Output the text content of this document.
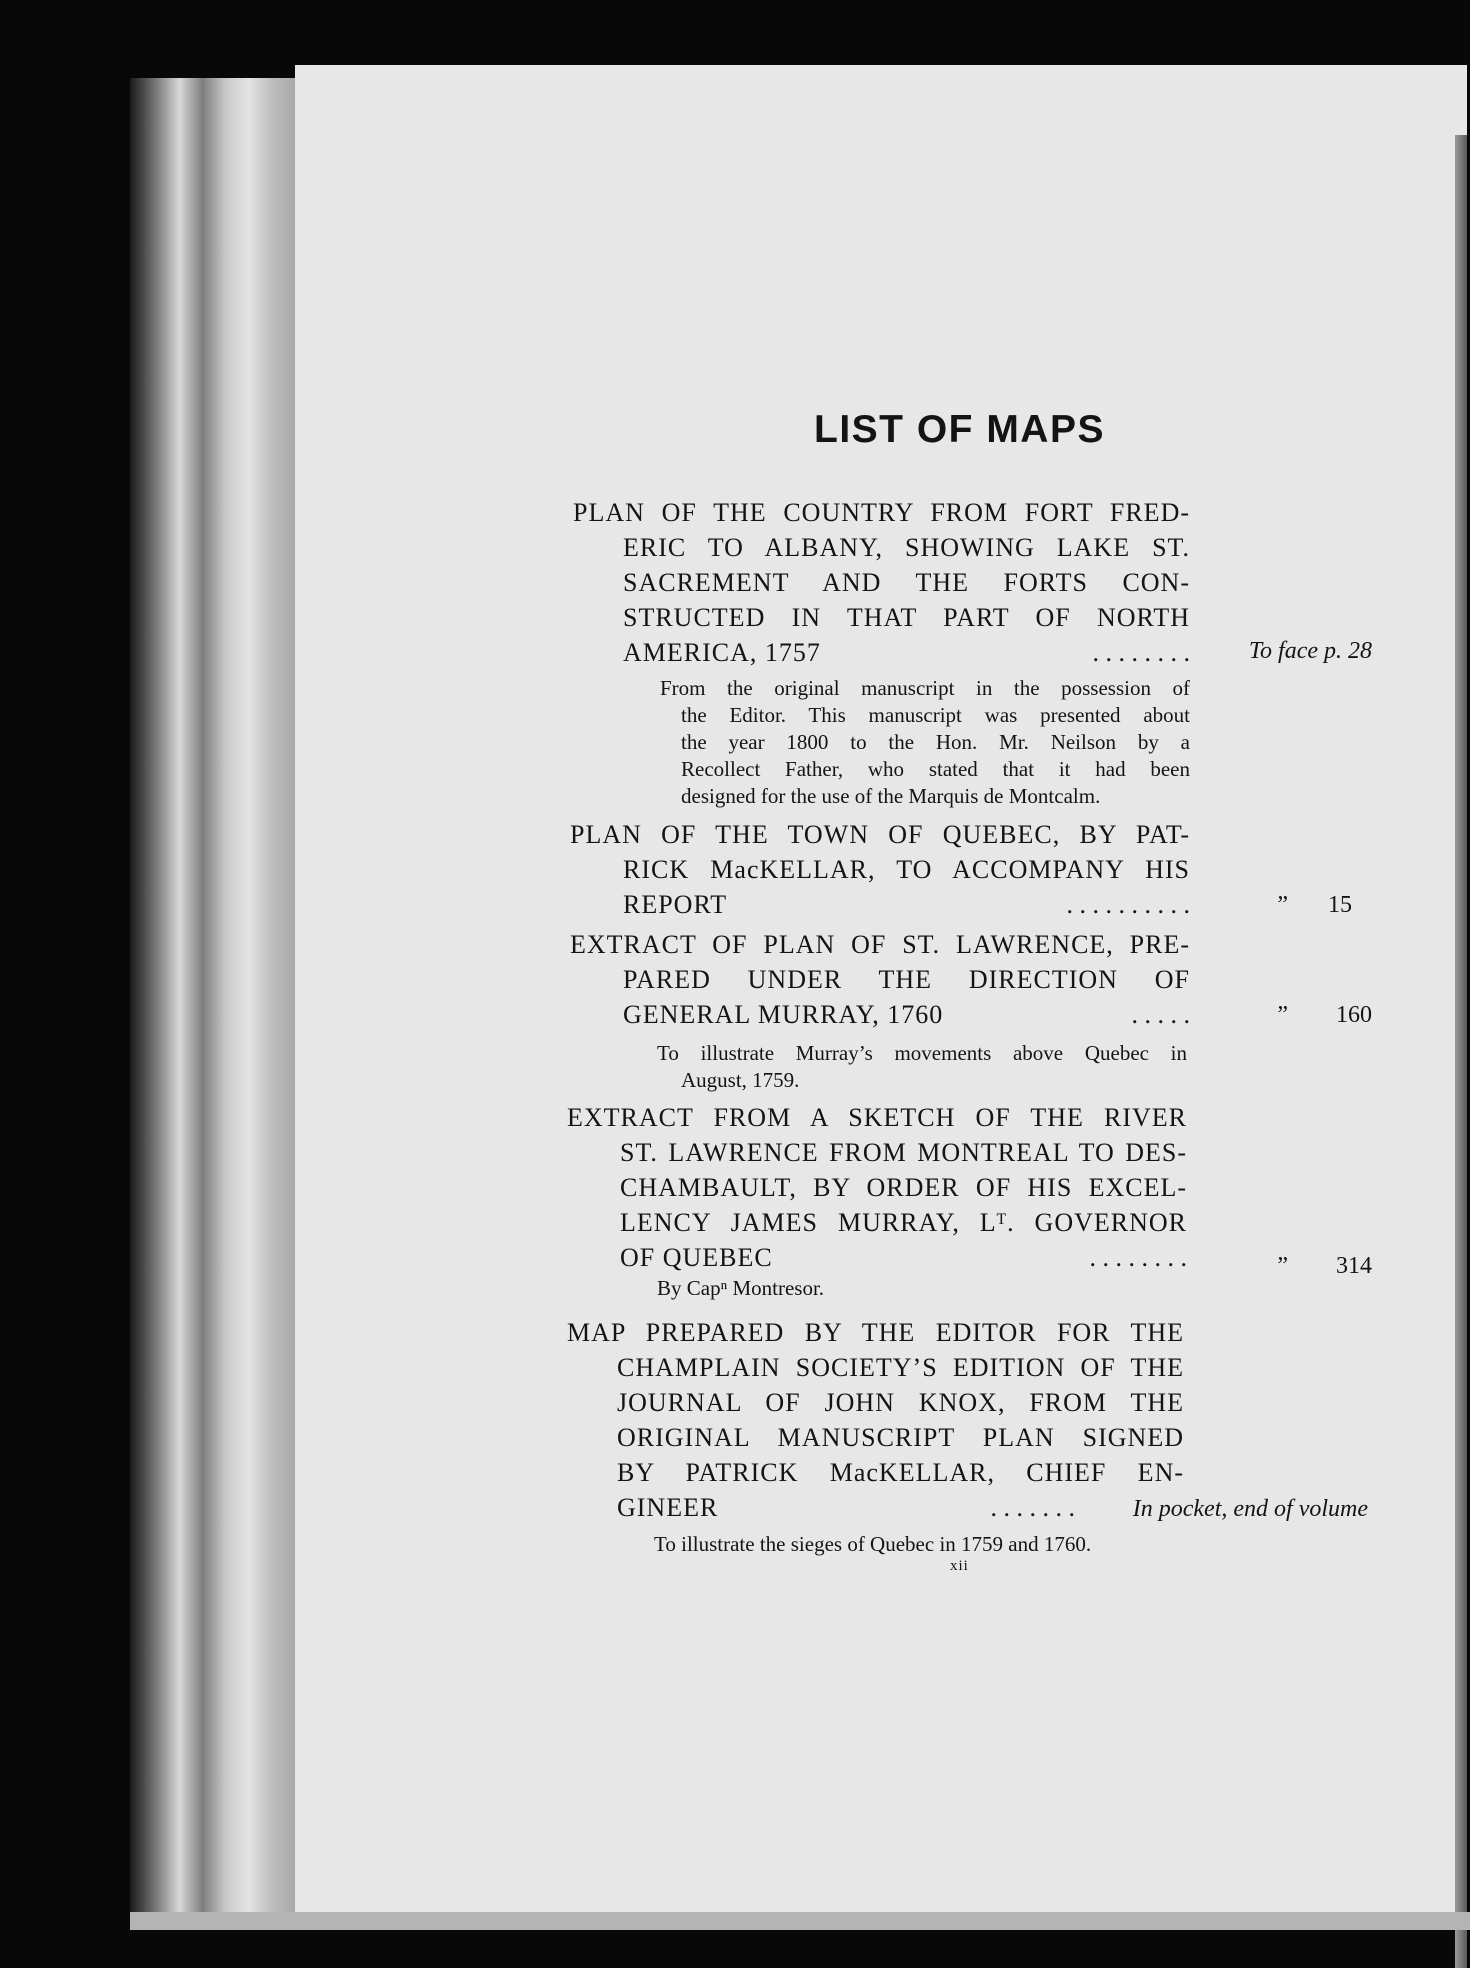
LIST OF MAPS
PLAN OF THE COUNTRY FROM FORT FRED-
ERIC TO ALBANY, SHOWING LAKE ST.
SACREMENT AND THE FORTS CON-
STRUCTED IN THAT PART OF NORTH
AMERICA, 1757	. . . . . . . .	To face p. 28
From the original manuscript in the possession of
the Editor. This manuscript was presented about
the year 1800 to the Hon. Mr. Neilson by a
Recollect Father, who stated that it had been
designed for the use of the Marquis de Montcalm.
PLAN OF THE TOWN OF QUEBEC, BY PAT-
RICK MacKELLAR, TO ACCOMPANY HIS
REPORT	. . . . . . . . . .	”	15
EXTRACT OF PLAN OF ST. LAWRENCE, PRE-
PARED UNDER THE DIRECTION OF
GENERAL MURRAY, 1760	. . . . .	”	160
To illustrate Murray’s movements above Quebec in
August, 1759.
EXTRACT FROM A SKETCH OF THE RIVER
ST. LAWRENCE FROM MONTREAL TO DES-
CHAMBAULT, BY ORDER OF HIS EXCEL-
LENCY JAMES MURRAY, Lᵀ. GOVERNOR
OF QUEBEC	. . . . . . . .	”	314
By Capⁿ Montresor.
MAP PREPARED BY THE EDITOR FOR THE
CHAMPLAIN SOCIETY’S EDITION OF THE
JOURNAL OF JOHN KNOX, FROM THE
ORIGINAL MANUSCRIPT PLAN SIGNED
BY PATRICK MacKELLAR, CHIEF EN-
GINEER	. . . . . . .	In pocket, end of volume
To illustrate the sieges of Quebec in 1759 and 1760.
xii
